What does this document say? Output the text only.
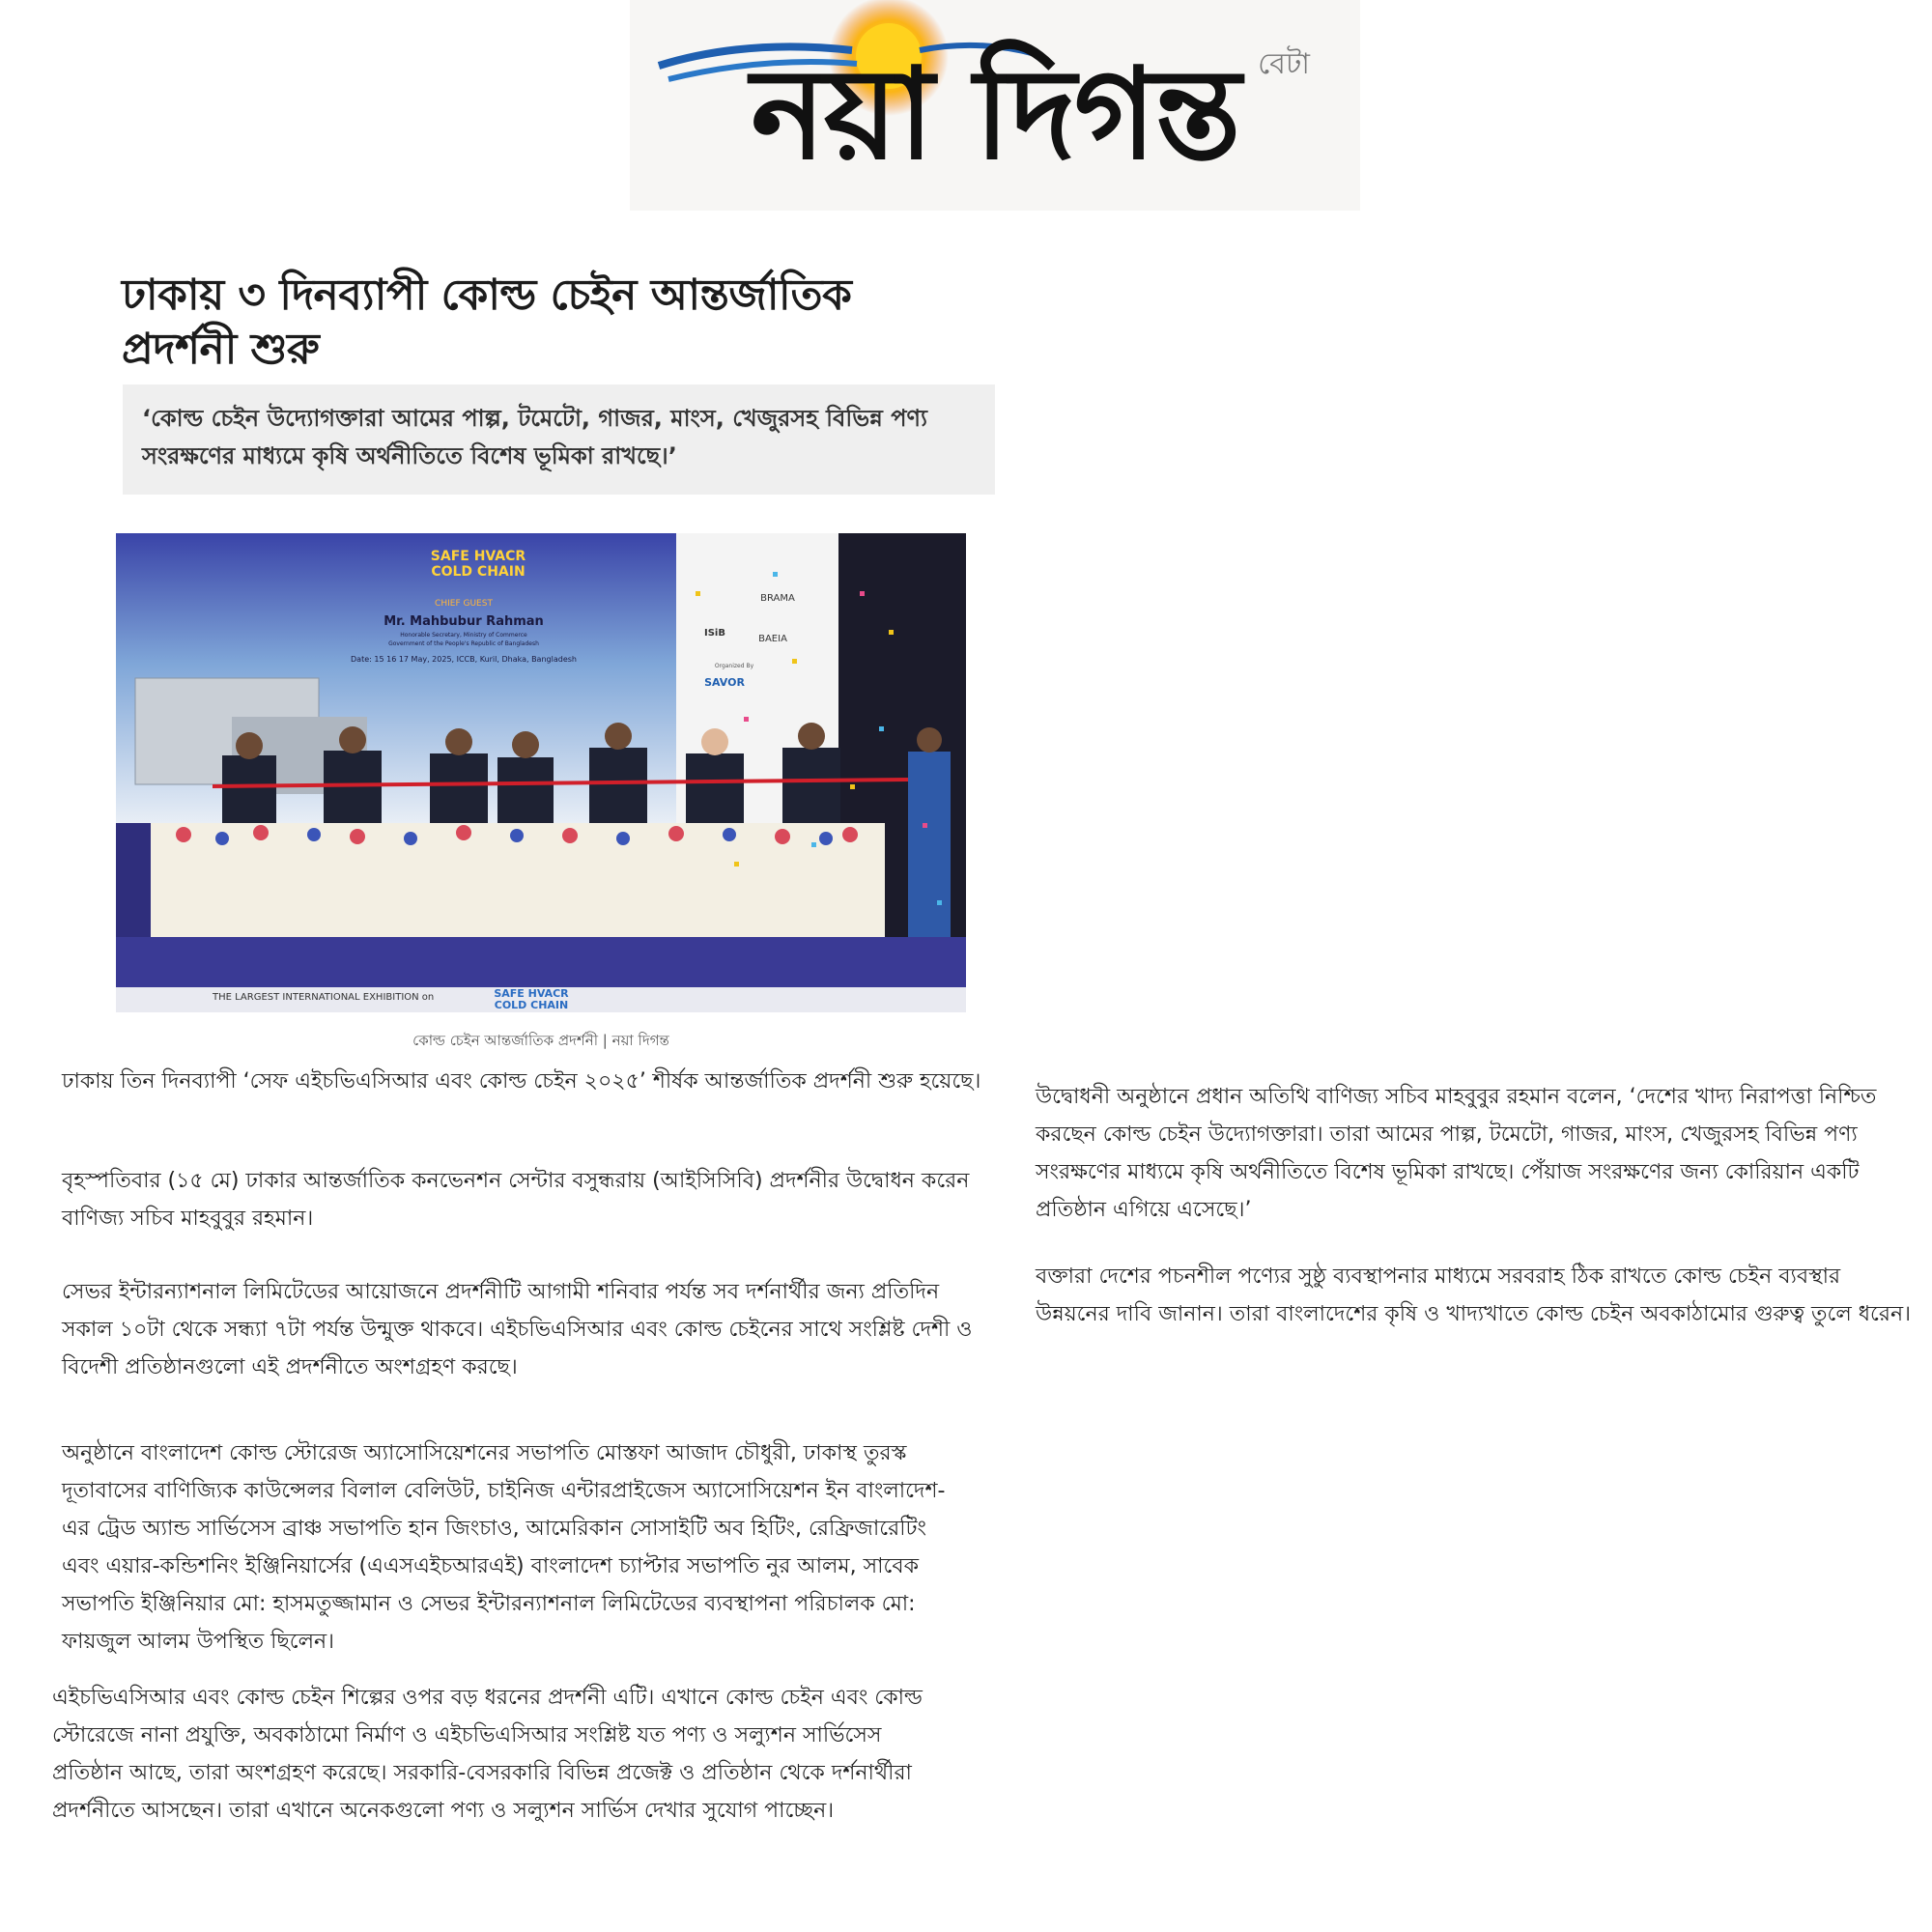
নয়া দিগন্ত বেটা
ঢাকায় ৩ দিনব্যাপী কোল্ড চেইন আন্তর্জাতিক প্রদর্শনী শুরু
‘কোল্ড চেইন উদ্যোগক্তারা আমের পাল্প, টমেটো, গাজর, মাংস, খেজুরসহ বিভিন্ন পণ্য সংরক্ষণের মাধ্যমে কৃষি অর্থনীতিতে বিশেষ ভূমিকা রাখছে।’
SAFE HVACR COLD CHAIN
CHIEF GUEST
Mr. Mahbubur Rahman
Honorable Secretary, Ministry of Commerce
Government of the People's Republic of Bangladesh
Date: 15 16 17 May, 2025, ICCB, Kuril, Dhaka, Bangladesh
BRAMA
ISiB
BAEIA
Organized By
SAVOR
THE LARGEST INTERNATIONAL EXHIBITION on	SAFE HVACR COLD CHAIN
কোল্ড চেইন আন্তর্জাতিক প্রদর্শনী | নয়া দিগন্ত

ঢাকায় তিন দিনব্যাপী ‘সেফ এইচভিএসিআর এবং কোল্ড চেইন ২০২৫’ শীর্ষক আন্তর্জাতিক প্রদর্শনী শুরু হয়েছে।

বৃহস্পতিবার (১৫ মে) ঢাকার আন্তর্জাতিক কনভেনশন সেন্টার বসুন্ধরায় (আইসিসিবি) প্রদর্শনীর উদ্বোধন করেন বাণিজ্য সচিব মাহবুবুর রহমান।

সেভর ইন্টারন্যাশনাল লিমিটেডের আয়োজনে প্রদর্শনীটি আগামী শনিবার পর্যন্ত সব দর্শনার্থীর জন্য প্রতিদিন সকাল ১০টা থেকে সন্ধ্যা ৭টা পর্যন্ত উন্মুক্ত থাকবে। এইচভিএসিআর এবং কোল্ড চেইনের সাথে সংশ্লিষ্ট দেশী ও বিদেশী প্রতিষ্ঠানগুলো এই প্রদর্শনীতে অংশগ্রহণ করছে।

অনুষ্ঠানে বাংলাদেশ কোল্ড স্টোরেজ অ্যাসোসিয়েশনের সভাপতি মোস্তফা আজাদ চৌধুরী, ঢাকাস্থ তুরস্ক দূতাবাসের বাণিজ্যিক কাউন্সেলর বিলাল বেলিউট, চাইনিজ এন্টারপ্রাইজেস অ্যাসোসিয়েশন ইন বাংলাদেশ-এর ট্রেড অ্যান্ড সার্ভিসেস ব্রাঞ্চ সভাপতি হান জিংচাও, আমেরিকান সোসাইটি অব হিটিং, রেফ্রিজারেটিং এবং এয়ার-কন্ডিশনিং ইঞ্জিনিয়ার্সের (এএসএইচআরএই) বাংলাদেশ চ্যাপ্টার সভাপতি নুর আলম, সাবেক সভাপতি ইঞ্জিনিয়ার মো: হাসমতুজ্জামান ও সেভর ইন্টারন্যাশনাল লিমিটেডের ব্যবস্থাপনা পরিচালক মো: ফায়জুল আলম উপস্থিত ছিলেন।

এইচভিএসিআর এবং কোল্ড চেইন শিল্পের ওপর বড় ধরনের প্রদর্শনী এটি। এখানে কোল্ড চেইন এবং কোল্ড স্টোরেজে নানা প্রযুক্তি, অবকাঠামো নির্মাণ ও এইচভিএসিআর সংশ্লিষ্ট যত পণ্য ও সল্যুশন সার্ভিসেস প্রতিষ্ঠান আছে, তারা অংশগ্রহণ করেছে। সরকারি-বেসরকারি বিভিন্ন প্রজেক্ট ও প্রতিষ্ঠান থেকে দর্শনার্থীরা প্রদর্শনীতে আসছেন। তারা এখানে অনেকগুলো পণ্য ও সল্যুশন সার্ভিস দেখার সুযোগ পাচ্ছেন।

উদ্বোধনী অনুষ্ঠানে প্রধান অতিথি বাণিজ্য সচিব মাহবুবুর রহমান বলেন, ‘দেশের খাদ্য নিরাপত্তা নিশ্চিত করছেন কোল্ড চেইন উদ্যোগক্তারা। তারা আমের পাল্প, টমেটো, গাজর, মাংস, খেজুরসহ বিভিন্ন পণ্য সংরক্ষণের মাধ্যমে কৃষি অর্থনীতিতে বিশেষ ভূমিকা রাখছে। পেঁয়াজ সংরক্ষণের জন্য কোরিয়ান একটি প্রতিষ্ঠান এগিয়ে এসেছে।’

বক্তারা দেশের পচনশীল পণ্যের সুষ্ঠু ব্যবস্থাপনার মাধ্যমে সরবরাহ ঠিক রাখতে কোল্ড চেইন ব্যবস্থার উন্নয়নের দাবি জানান। তারা বাংলাদেশের কৃষি ও খাদ্যখাতে কোল্ড চেইন অবকাঠামোর গুরুত্ব তুলে ধরেন।
